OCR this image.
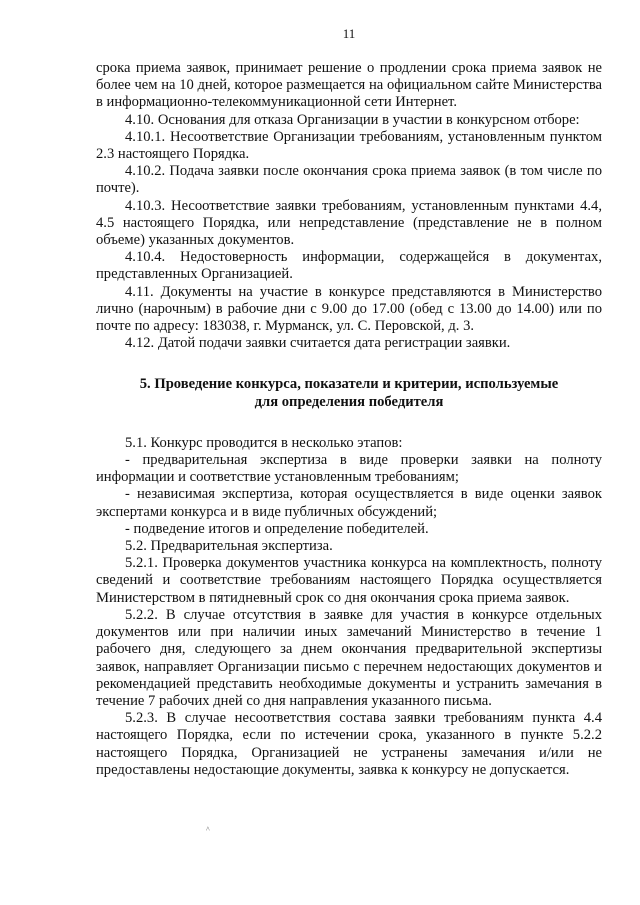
11

срока приема заявок, принимает решение о продлении срока приема заявок не более чем на 10 дней, которое размещается на официальном сайте Министерства в информационно-телекоммуникационной сети Интернет.

4.10. Основания для отказа Организации в участии в конкурсном отборе:

4.10.1. Несоответствие Организации требованиям, установленным пунктом 2.3 настоящего Порядка.

4.10.2. Подача заявки после окончания срока приема заявок (в том числе по почте).

4.10.3. Несоответствие заявки требованиям, установленным пунктами 4.4, 4.5 настоящего Порядка, или непредставление (представление не в полном объеме) указанных документов.

4.10.4. Недостоверность информации, содержащейся в документах, представленных Организацией.

4.11. Документы на участие в конкурсе представляются в Министерство лично (нарочным) в рабочие дни с 9.00 до 17.00 (обед с 13.00 до 14.00) или по почте по адресу: 183038, г. Мурманск, ул. С. Перовской, д. 3.

4.12. Датой подачи заявки считается дата регистрации заявки.

5. Проведение конкурса, показатели и критерии, используемые

для определения победителя

5.1. Конкурс проводится в несколько этапов:

- предварительная экспертиза в виде проверки заявки на полноту информации и соответствие установленным требованиям;

- независимая экспертиза, которая осуществляется в виде оценки заявок экспертами конкурса и в виде публичных обсуждений;

- подведение итогов и определение победителей.

5.2. Предварительная экспертиза.

5.2.1. Проверка документов участника конкурса на комплектность, полноту сведений и соответствие требованиям настоящего Порядка осуществляется Министерством в пятидневный срок со дня окончания срока приема заявок.

5.2.2. В случае отсутствия в заявке для участия в конкурсе отдельных документов или при наличии иных замечаний Министерство в течение 1 рабочего дня, следующего за днем окончания предварительной экспертизы заявок, направляет Организации письмо с перечнем недостающих документов и рекомендацией представить необходимые документы и устранить замечания в течение 7 рабочих дней со дня направления указанного письма.

5.2.3. В случае несоответствия состава заявки требованиям пункта 4.4 настоящего Порядка, если по истечении срока, указанного в пункте 5.2.2 настоящего Порядка, Организацией не устранены замечания и/или не предоставлены недостающие документы, заявка к конкурсу не допускается.

^
